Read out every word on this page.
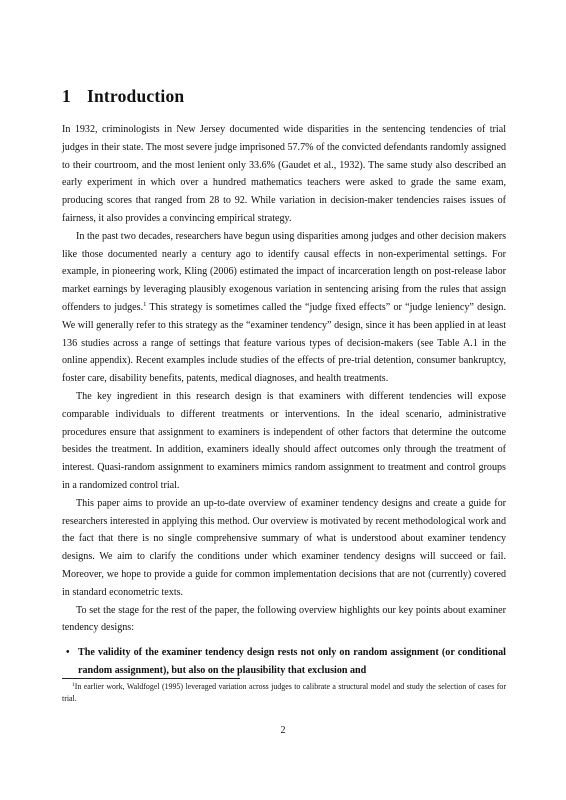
1 Introduction

In 1932, criminologists in New Jersey documented wide disparities in the sentencing tendencies of trial judges in their state. The most severe judge imprisoned 57.7% of the convicted defendants randomly assigned to their courtroom, and the most lenient only 33.6% (Gaudet et al., 1932). The same study also described an early experiment in which over a hundred mathematics teachers were asked to grade the same exam, producing scores that ranged from 28 to 92. While variation in decision-maker tendencies raises issues of fairness, it also provides a convincing empirical strategy.

In the past two decades, researchers have begun using disparities among judges and other decision makers like those documented nearly a century ago to identify causal effects in non-experimental settings. For example, in pioneering work, Kling (2006) estimated the impact of incarceration length on post-release labor market earnings by leveraging plausibly exogenous variation in sentencing arising from the rules that assign offenders to judges.$^1$ This strategy is sometimes called the “judge fixed effects” or “judge leniency” design. We will generally refer to this strategy as the “examiner tendency” design, since it has been applied in at least 136 studies across a range of settings that feature various types of decision-makers (see Table A.1 in the online appendix). Recent examples include studies of the effects of pre-trial detention, consumer bankruptcy, foster care, disability benefits, patents, medical diagnoses, and health treatments.

The key ingredient in this research design is that examiners with different tendencies will expose comparable individuals to different treatments or interventions. In the ideal scenario, administrative procedures ensure that assignment to examiners is independent of other factors that determine the outcome besides the treatment. In addition, examiners ideally should affect outcomes only through the treatment of interest. Quasi-random assignment to examiners mimics random assignment to treatment and control groups in a randomized control trial.

This paper aims to provide an up-to-date overview of examiner tendency designs and create a guide for researchers interested in applying this method. Our overview is motivated by recent methodological work and the fact that there is no single comprehensive summary of what is understood about examiner tendency designs. We aim to clarify the conditions under which examiner tendency designs will succeed or fail. Moreover, we hope to provide a guide for common implementation decisions that are not (currently) covered in standard econometric texts.

To set the stage for the rest of the paper, the following overview highlights our key points about examiner tendency designs:

• The validity of the examiner tendency design rests not only on random assignment (or conditional random assignment), but also on the plausibility that exclusion and

$^1$In earlier work, Waldfogel (1995) leveraged variation across judges to calibrate a structural model and study the selection of cases for trial.

2
